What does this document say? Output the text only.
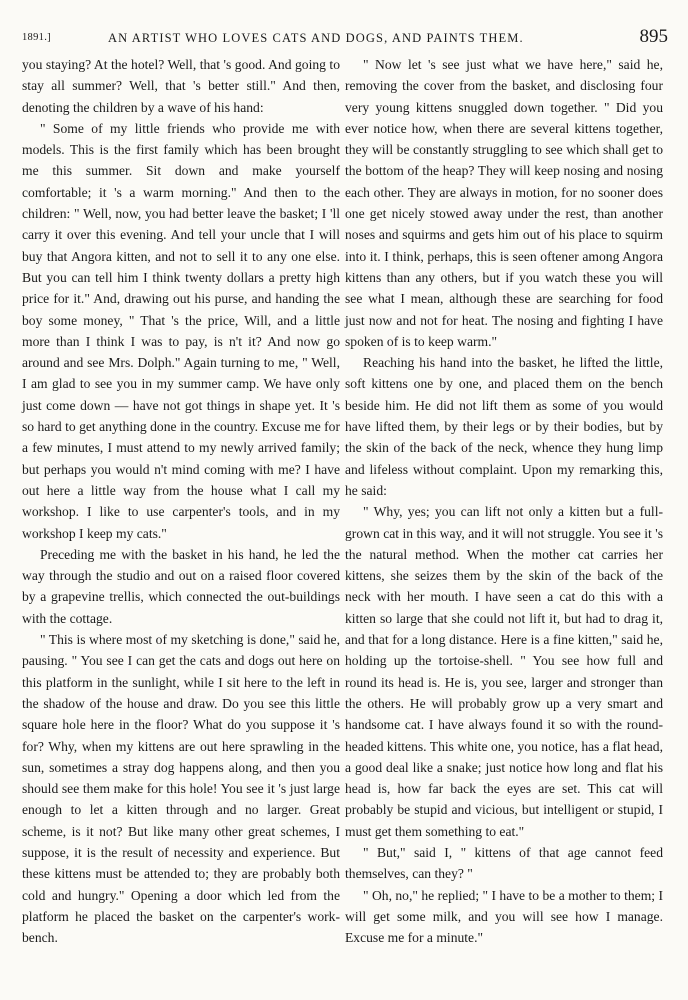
1891.]	AN ARTIST WHO LOVES CATS AND DOGS, AND PAINTS THEM.	895

you staying? At the hotel? Well, that 's good. And going to stay all summer? Well, that 's better still." And then, denoting the children by a wave of his hand:

" Some of my little friends who provide me with models. This is the first family which has been brought me this summer. Sit down and make yourself comfortable; it 's a warm morning." And then to the children: " Well, now, you had better leave the basket; I 'll carry it over this evening. And tell your uncle that I will buy that Angora kitten, and not to sell it to any one else. But you can tell him I think twenty dollars a pretty high price for it." And, drawing out his purse, and handing the boy some money, " That 's the price, Will, and a little more than I think I was to pay, is n't it? And now go around and see Mrs. Dolph." Again turning to me, " Well, I am glad to see you in my summer camp. We have only just come down — have not got things in shape yet. It 's so hard to get anything done in the country. Excuse me for a few minutes, I must attend to my newly arrived family; but perhaps you would n't mind coming with me? I have out here a little way from the house what I call my workshop. I like to use carpenter's tools, and in my workshop I keep my cats."

Preceding me with the basket in his hand, he led the way through the studio and out on a raised floor covered by a grapevine trellis, which connected the out-buildings with the cottage.

" This is where most of my sketching is done," said he, pausing. " You see I can get the cats and dogs out here on this platform in the sunlight, while I sit here to the left in the shadow of the house and draw. Do you see this little square hole here in the floor? What do you suppose it 's for? Why, when my kittens are out here sprawling in the sun, sometimes a stray dog happens along, and then you should see them make for this hole! You see it 's just large enough to let a kitten through and no larger. Great scheme, is it not? But like many other great schemes, I suppose, it is the result of necessity and experience. But these kittens must be attended to; they are probably both cold and hungry." Opening a door which led from the platform he placed the basket on the carpenter's work-bench.

" Now let 's see just what we have here," said he, removing the cover from the basket, and disclosing four very young kittens snuggled down together. " Did you ever notice how, when there are several kittens together, they will be constantly struggling to see which shall get to the bottom of the heap? They will keep nosing and nosing each other. They are always in motion, for no sooner does one get nicely stowed away under the rest, than another noses and squirms and gets him out of his place to squirm into it. I think, perhaps, this is seen oftener among Angora kittens than any others, but if you watch these you will see what I mean, although these are searching for food just now and not for heat. The nosing and fighting I have spoken of is to keep warm."

Reaching his hand into the basket, he lifted the little, soft kittens one by one, and placed them on the bench beside him. He did not lift them as some of you would have lifted them, by their legs or by their bodies, but by the skin of the back of the neck, whence they hung limp and lifeless without complaint. Upon my remarking this, he said:

" Why, yes; you can lift not only a kitten but a full-grown cat in this way, and it will not struggle. You see it 's the natural method. When the mother cat carries her kittens, she seizes them by the skin of the back of the neck with her mouth. I have seen a cat do this with a kitten so large that she could not lift it, but had to drag it, and that for a long distance. Here is a fine kitten," said he, holding up the tortoise-shell. " You see how full and round its head is. He is, you see, larger and stronger than the others. He will probably grow up a very smart and handsome cat. I have always found it so with the round-headed kittens. This white one, you notice, has a flat head, a good deal like a snake; just notice how long and flat his head is, how far back the eyes are set. This cat will probably be stupid and vicious, but intelligent or stupid, I must get them something to eat."

" But," said I, " kittens of that age cannot feed themselves, can they? "

" Oh, no," he replied; " I have to be a mother to them; I will get some milk, and you will see how I manage. Excuse me for a minute."
